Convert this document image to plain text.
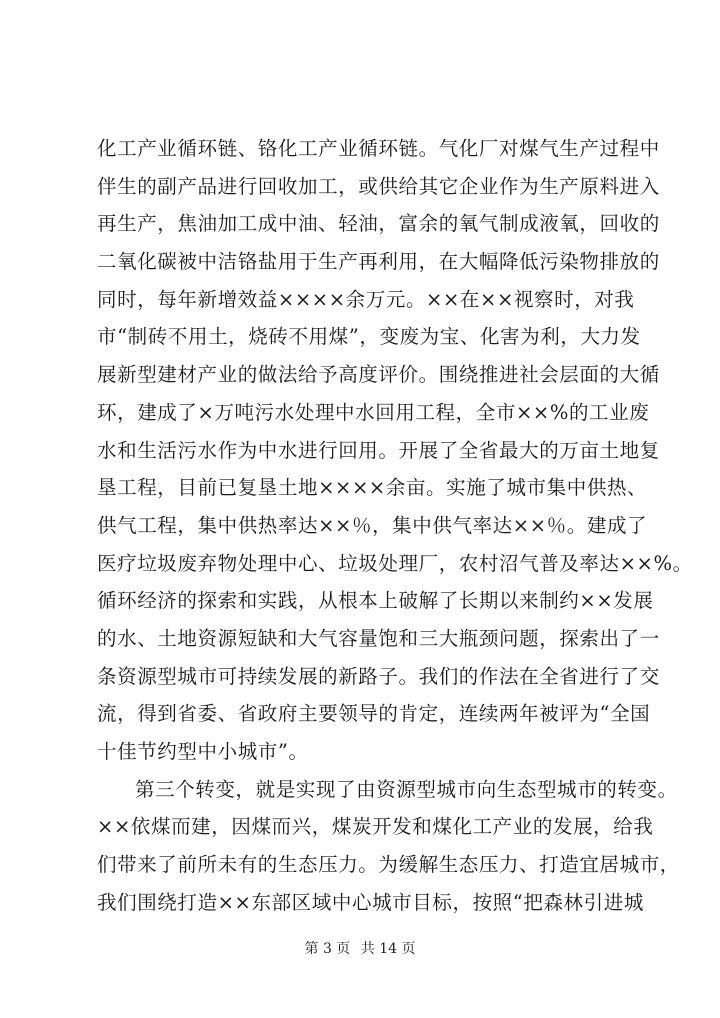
化工产业循环链、铬化工产业循环链。气化厂对煤气生产过程中
伴生的副产品进行回收加工，或供给其它企业作为生产原料进入
再生产，焦油加工成中油、轻油，富余的氧气制成液氧，回收的
二氧化碳被中洁铬盐用于生产再利用，在大幅降低污染物排放的
同时，每年新增效益××××余万元。××在××视察时，对我
市“制砖不用土，烧砖不用煤”，变废为宝、化害为利，大力发
展新型建材产业的做法给予高度评价。围绕推进社会层面的大循
环，建成了×万吨污水处理中水回用工程，全市××%的工业废
水和生活污水作为中水进行回用。开展了全省最大的万亩土地复
垦工程，目前已复垦土地××××余亩。实施了城市集中供热、
供气工程，集中供热率达××％，集中供气率达××％。建成了
医疗垃圾废弃物处理中心、垃圾处理厂，农村沼气普及率达××%。
循环经济的探索和实践，从根本上破解了长期以来制约××发展
的水、土地资源短缺和大气容量饱和三大瓶颈问题，探索出了一
条资源型城市可持续发展的新路子。我们的作法在全省进行了交
流，得到省委、省政府主要领导的肯定，连续两年被评为“全国
十佳节约型中小城市”。
第三个转变，就是实现了由资源型城市向生态型城市的转变。
××依煤而建，因煤而兴，煤炭开发和煤化工产业的发展，给我
们带来了前所未有的生态压力。为缓解生态压力、打造宜居城市，
我们围绕打造××东部区域中心城市目标，按照“把森林引进城
第 3 页 共 14 页
